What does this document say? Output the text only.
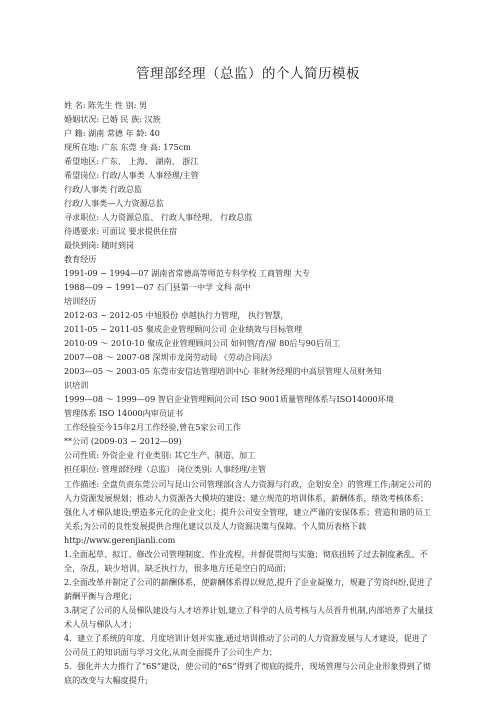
管理部经理（总监）的个人简历模板
姓 名: 陈先生 性 别: 男
婚姻状况: 已婚 民 族: 汉族
户 籍: 湖南 常德 年 龄: 40
现所在地: 广东 东莞 身 高: 175cm
希望地区: 广东、 上海、 湖南、 浙江
希望岗位: 行政/人事类 人事经理/主管
行政/人事类 行政总监
行政/人事类—人力资源总监
寻求职位: 人力资源总监、 行政人事经理、 行政总监
待遇要求: 可面议 要求提供住宿
最快到岗: 随时到岗
教育经历
1991-09 ~ 1994—07 湖南省常德高等师范专科学校 工商管理 大专
1988—09 ~ 1991—07 石门县第一中学 文科 高中
培训经历
2012-03 ~ 2012-05 中旭股份 卓越执行力管理， 执行智慧，
2011-05 ~ 2011-05 聚成企业管理顾问公司 企业绩效与目标管理
2010-09 ～ 2010-10 聚成企业管理顾问公司 如何管/育/留 80后与90后员工
2007—08 ～ 2007-08 深圳市龙岗劳动局 《劳动合同法》
2003—05 ～ 2003-05 东莞市安信达管理培训中心 非财务经理的中高层管理人员财务知
识培训
1999—08 ～ 1999—09 智启企业管理顾问公司 ISO 9001质量管理体系与ISO14000环境
管理体系 ISO 14000内审员证书
工作经验至今15年2月工作经验,曾在5家公司工作
**公司 (2009-03 ~ 2012—09)
公司性质: 外资企业 行业类别: 其它生产、制造、加工
担任职位: 管理部经理（总监） 岗位类别: 人事经理/主管
工作描述: 全盘负责东莞公司与昆山公司管理部(含人力资源与行政，企划安全）的管理工作;制定公司的人力资源发展规划；推动人力资源各大模块的建设；建立规范的培训体系，薪酬体系，绩效考核体系；强化人才梯队建设;塑造多元化的企业文化；提升公司安全管理，建立严谨的安保体系；营造和谐的员工关系;为公司的良性发展提供合理化建议以及人力资源决策与保障。个人简历表格下载 http://www.gerenjianli.com
1.全面起草、拟订、修改公司管理制度、作业流程，并督促贯彻与实施；彻底扭转了过去制度紊乱，不全，杂乱，缺少培训，缺乏执行力，很多地方还是空白的局面；
2.全面改革并制定了公司的薪酬体系，使薪酬体系得以规范,提升了企业凝聚力，规避了劳资纠纷,促进了薪酬平衡与合理化；
3.制定了公司的人员梯队建设与人才培养计划,建立了科学的人员考核与人员晋升机制,内部培养了大量技术人员与梯队人才；
4．建立了系统的年度、月度培训计划并实施,通过培训推动了公司的人力资源发展与人才建设，促进了公司员工的知识面与学习文化,从而全面提升了公司生产力；
5．强化并大力推行了“6S”建设，使公司的“6S”得到了彻底的提升，现场管理与公司企业形象得到了彻底的改变与大幅度提升;
